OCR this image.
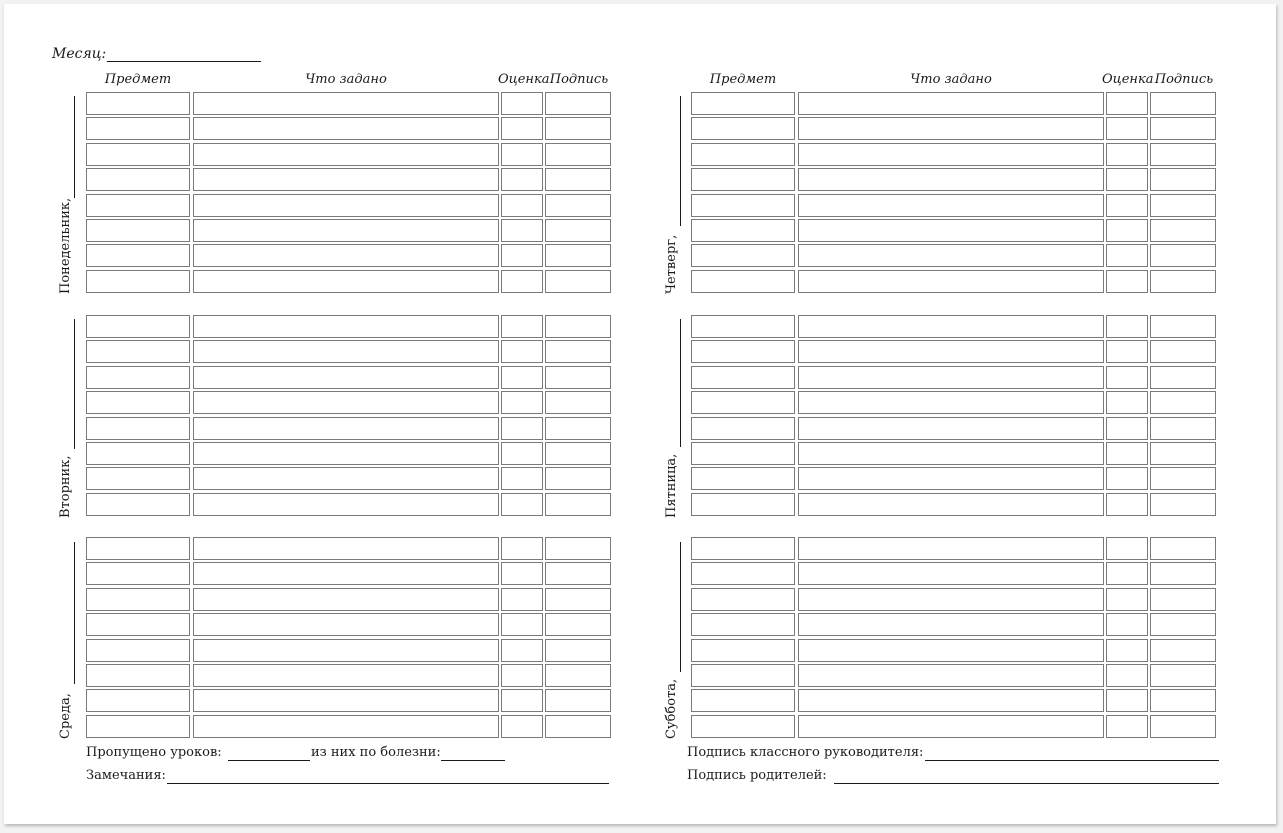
Месяц:
Предмет	Что задано	Оценка Подпись	Предмет	Что задано	Оценка Подпись
Понедельник,
Вторник,
Среда,
Четверг,
Пятница,
Суббота,
Пропущено уроков:	из них по болезни:
Замечания:
Подпись классного руководителя:
Подпись родителей:
